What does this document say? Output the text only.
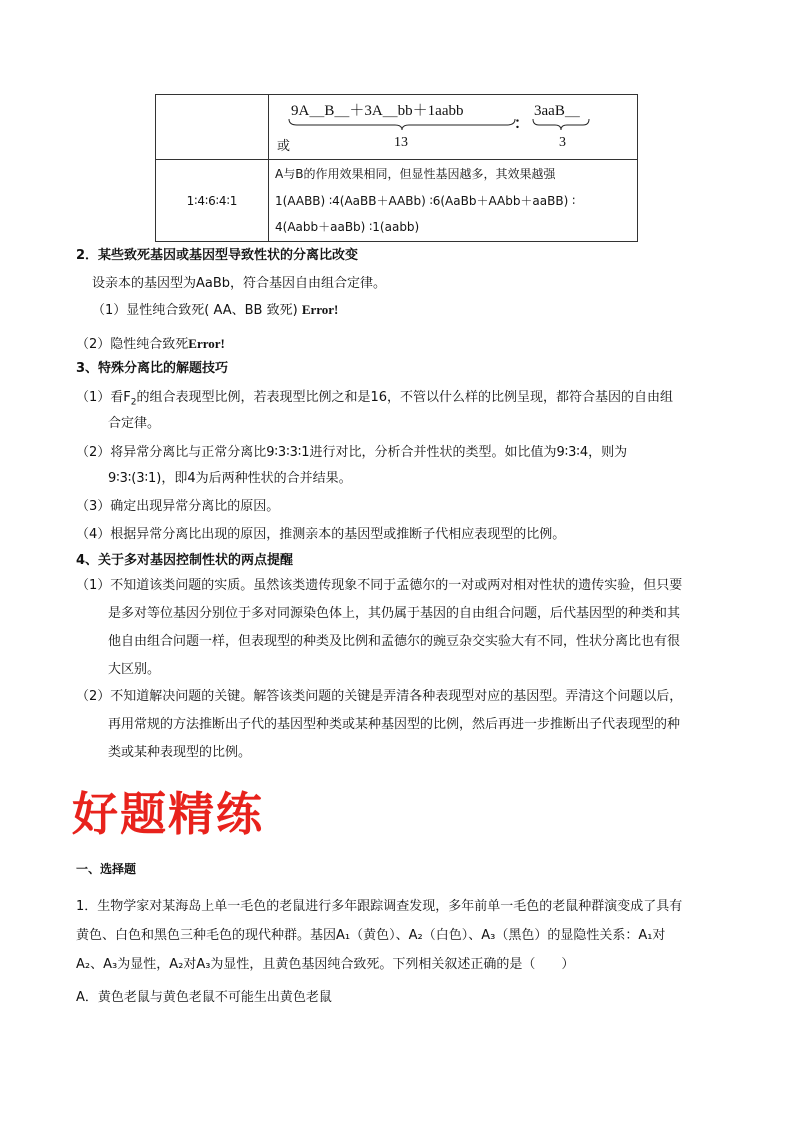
9A＿B＿＋3A＿bb＋1aabb
：
3aaB＿
或	13	3
1∶4∶6∶4∶1
A与B的作用效果相同，但显性基因越多，其效果越强
1(AABB) ∶4(AaBB＋AABb) ∶6(AaBb＋AAbb＋aaBB) ∶
4(Aabb＋aaBb) ∶1(aabb)
2．某些致死基因或基因型导致性状的分离比改变
设亲本的基因型为AaBb，符合基因自由组合定律。
（1）显性纯合致死( AA、BB 致死) Error!
（2）隐性纯合致死Error!
3、特殊分离比的解题技巧
（1）看$F_2$的组合表现型比例，若表现型比例之和是16，不管以什么样的比例呈现，都符合基因的自由组
合定律。
（2）将异常分离比与正常分离比9∶3∶3∶1进行对比，分析合并性状的类型。如比值为9∶3∶4，则为
9∶3∶(3∶1)，即4为后两种性状的合并结果。
（3）确定出现异常分离比的原因。
（4）根据异常分离比出现的原因，推测亲本的基因型或推断子代相应表现型的比例。
4、关于多对基因控制性状的两点提醒
（1）不知道该类问题的实质。虽然该类遗传现象不同于孟德尔的一对或两对相对性状的遗传实验，但只要
是多对等位基因分别位于多对同源染色体上，其仍属于基因的自由组合问题，后代基因型的种类和其
他自由组合问题一样，但表现型的种类及比例和孟德尔的豌豆杂交实验大有不同，性状分离比也有很
大区别。
（2）不知道解决问题的关键。解答该类问题的关键是弄清各种表现型对应的基因型。弄清这个问题以后，
再用常规的方法推断出子代的基因型种类或某种基因型的比例，然后再进一步推断出子代表现型的种
类或某种表现型的比例。
好题精练
一、选择题
1．生物学家对某海岛上单一毛色的老鼠进行多年跟踪调查发现，多年前单一毛色的老鼠种群演变成了具有
黄色、白色和黑色三种毛色的现代种群。基因A₁（黄色）、A₂（白色）、A₃（黑色）的显隐性关系：A₁对
A₂、A₃为显性，A₂对A₃为显性，且黄色基因纯合致死。下列相关叙述正确的是（　　）
A．黄色老鼠与黄色老鼠不可能生出黄色老鼠
